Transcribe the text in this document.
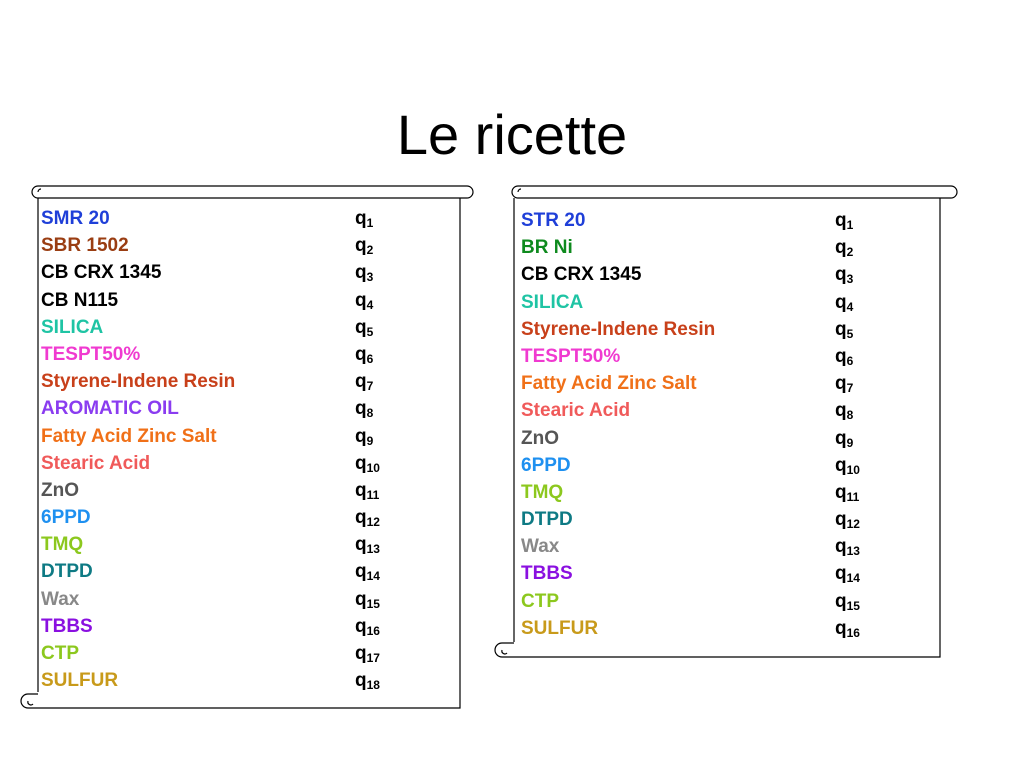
Le ricette
SMR 20	$q_1$
SBR 1502	$q_2$
CB CRX 1345	$q_3$
CB N115	$q_4$
SILICA	$q_5$
TESPT50%	$q_6$
Styrene-Indene Resin	$q_7$
AROMATIC OIL	$q_8$
Fatty Acid Zinc Salt	$q_9$
Stearic Acid	$q_{10}$
ZnO	$q_{11}$
6PPD	$q_{12}$
TMQ	$q_{13}$
DTPD	$q_{14}$
Wax	$q_{15}$
TBBS	$q_{16}$
CTP	$q_{17}$
SULFUR	$q_{18}$
STR 20	$q_1$
BR Ni	$q_2$
CB CRX 1345	$q_3$
SILICA	$q_4$
Styrene-Indene Resin	$q_5$
TESPT50%	$q_6$
Fatty Acid Zinc Salt	$q_7$
Stearic Acid	$q_8$
ZnO	$q_9$
6PPD	$q_{10}$
TMQ	$q_{11}$
DTPD	$q_{12}$
Wax	$q_{13}$
TBBS	$q_{14}$
CTP	$q_{15}$
SULFUR	$q_{16}$
